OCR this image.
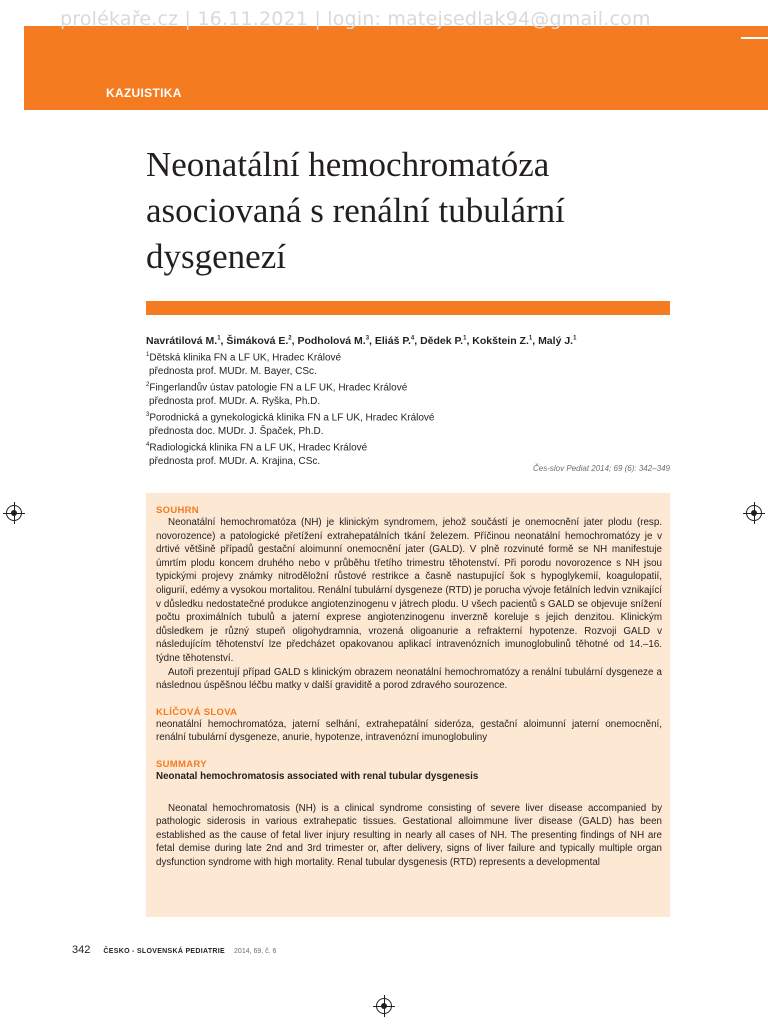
prolékaře.cz | 16.11.2021 | login: matejsedlak94@gmail.com
KAZUISTIKA
Neonatální hemochromatóza asociovaná s renální tubulární dysgenezí
Navrátilová M.$^1$, Šimáková E.$^2$, Podholová M.$^3$, Eliáš P.$^4$, Dědek P.$^1$, Kokštein Z.$^1$, Malý J.$^1$
$^1$Dětská klinika FN a LF UK, Hradec Králové
přednosta prof. MUDr. M. Bayer, CSc.
$^2$Fingerlandův ústav patologie FN a LF UK, Hradec Králové
přednosta prof. MUDr. A. Ryška, Ph.D.
$^3$Porodnická a gynekologická klinika FN a LF UK, Hradec Králové
přednosta doc. MUDr. J. Špaček, Ph.D.
$^4$Radiologická klinika FN a LF UK, Hradec Králové
přednosta prof. MUDr. A. Krajina, CSc.
Čes-slov Pediat 2014; 69 (6): 342–349
SOUHRN

Neonatální hemochromatóza (NH) je klinickým syndromem, jehož součástí je onemocnění jater plodu (resp. novorozence) a patologické přetížení extrahepatálních tkání železem. Příčinou neonatální hemochromatózy je v drtivé většině případů gestační aloimunní onemocnění jater (GALD). V plně rozvinuté formě se NH manifestuje úmrtím plodu koncem druhého nebo v průběhu třetího trimestru těhotenství. Při porodu novorozence s NH jsou typickými projevy známky nitroděložní růstové restrikce a časně nastupující šok s hypoglykemií, koagulopatií, oligurií, edémy a vysokou mortalitou. Renální tubulární dysgeneze (RTD) je porucha vývoje fetálních ledvin vznikající v důsledku nedostatečné produkce angiotenzinogenu v játrech plodu. U všech pacientů s GALD se objevuje snížení počtu proximálních tubulů a jaterní exprese angiotenzinogenu inverzně koreluje s jejich denzitou. Klinickým důsledkem je různý stupeň oligohydramnia, vrozená oligoanurie a refrakterní hypotenze. Rozvoji GALD v následujícím těhotenství lze předcházet opakovanou aplikací intravenózních imunoglobulinů těhotné od 14.–16. týdne těhotenství.

Autoři prezentují případ GALD s klinickým obrazem neonatální hemochromatózy a renální tubulární dysgeneze a následnou úspěšnou léčbu matky v další graviditě a porod zdravého sourozence.

KLÍČOVÁ SLOVA

neonatální hemochromatóza, jaterní selhání, extrahepatální sideróza, gestační aloimunní jaterní onemocnění, renální tubulární dysgeneze, anurie, hypotenze, intravenózní imunoglobuliny

SUMMARY
Neonatal hemochromatosis associated with renal tubular dysgenesis

Neonatal hemochromatosis (NH) is a clinical syndrome consisting of severe liver disease accompanied by pathologic siderosis in various extrahepatic tissues. Gestational alloimmune liver disease (GALD) has been established as the cause of fetal liver injury resulting in nearly all cases of NH. The presenting findings of NH are fetal demise during late 2nd and 3rd trimester or, after delivery, signs of liver failure and typically multiple organ dysfunction syndrome with high mortality. Renal tubular dysgenesis (RTD) represents a developmental

342 ČESKO - SLOVENSKÁ PEDIATRIE 2014, 69, č. 6
